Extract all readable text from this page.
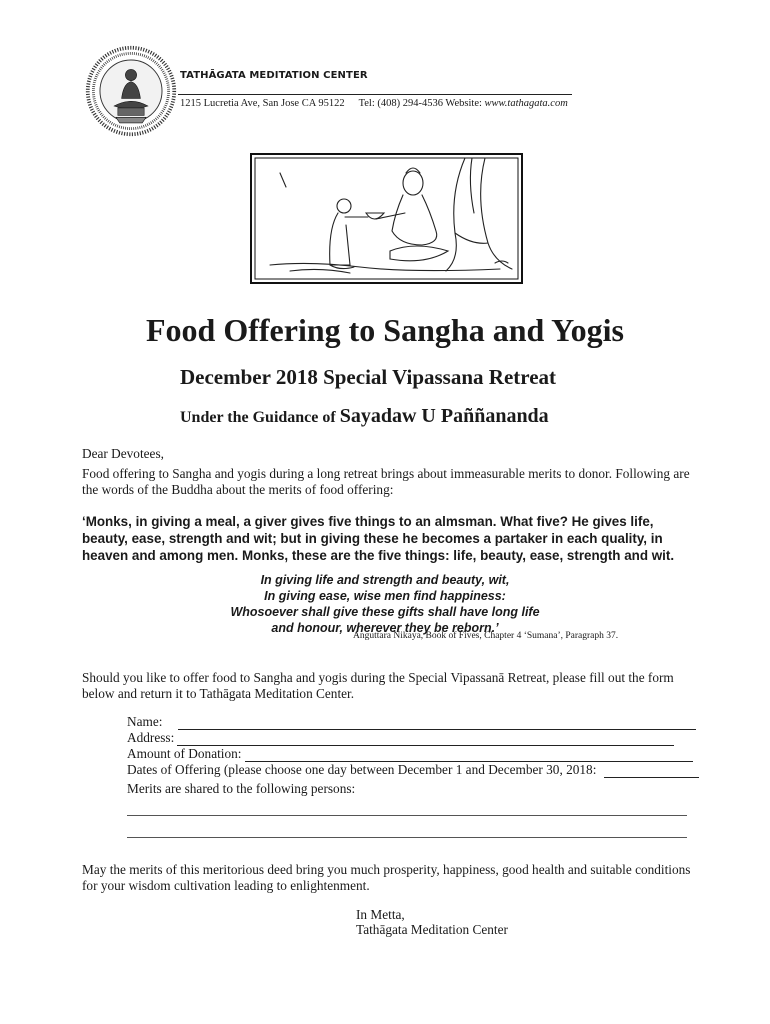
TATHĀGATA MEDITATION CENTER
1215 Lucretia Ave, San Jose CA 95122 Tel: (408) 294-4536 Website: www.tathagata.com
Food Offering to Sangha and Yogis
December 2018 Special Vipassana Retreat
Under the Guidance of Sayadaw U Paññananda
Dear Devotees,
Food offering to Sangha and yogis during a long retreat brings about immeasurable merits to donor. Following are the words of the Buddha about the merits of food offering:
‘Monks, in giving a meal, a giver gives five things to an almsman. What five? He gives life, beauty, ease, strength and wit; but in giving these he becomes a partaker in each quality, in heaven and among men. Monks, these are the five things: life, beauty, ease, strength and wit.
In giving life and strength and beauty, wit,
In giving ease, wise men find happiness:
Whosoever shall give these gifts shall have long life
and honour, wherever they be reborn.’
Anguttara Nikaya, Book of Fives, Chapter 4 ‘Sumana’, Paragraph 37.
Should you like to offer food to Sangha and yogis during the Special Vipassanā Retreat, please fill out the form below and return it to Tathāgata Meditation Center.
Name:
Address:
Amount of Donation:
Dates of Offering (please choose one day between December 1 and December 30, 2018:
Merits are shared to the following persons:
May the merits of this meritorious deed bring you much prosperity, happiness, good health and suitable conditions for your wisdom cultivation leading to enlightenment.
In Metta,
Tathāgata Meditation Center
